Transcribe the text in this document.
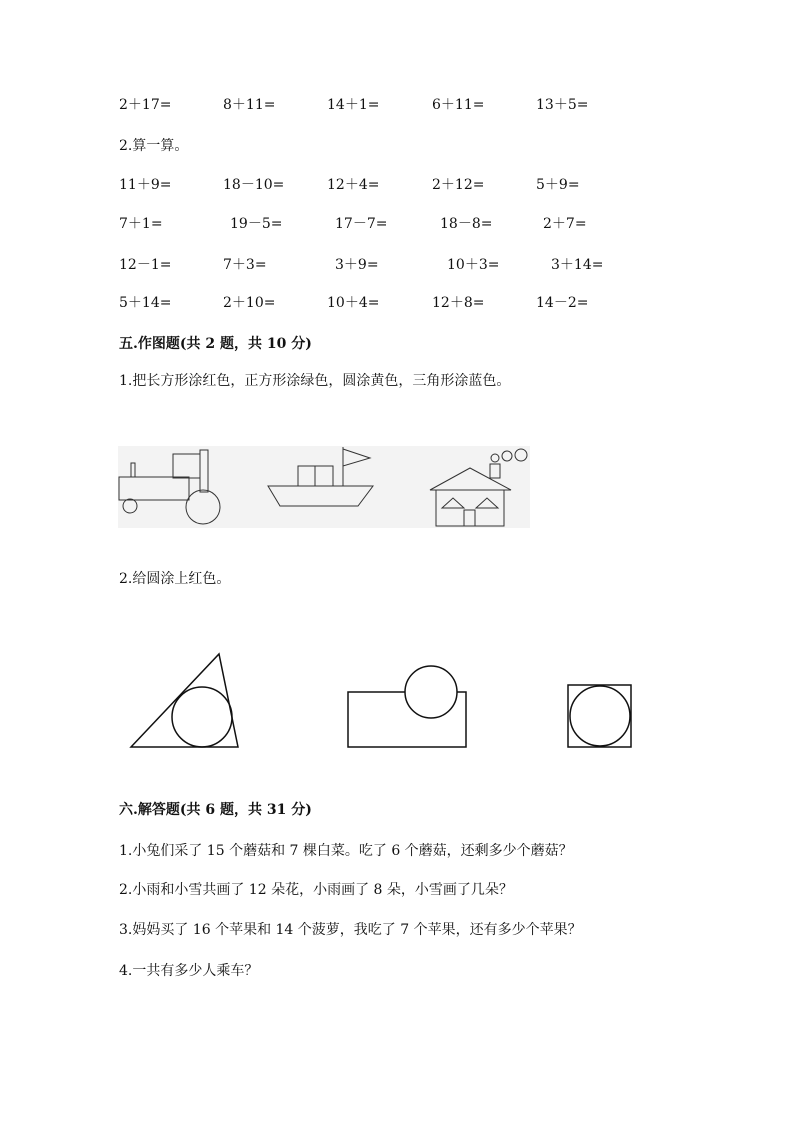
2＋17=	8＋11=	14＋1=	6＋11=	13＋5=
2.算一算。
11＋9=	18－10=	12＋4=	2＋12=	5＋9=
7＋1=	19－5=	17－7=	18－8=	2＋7=
12－1=	7＋3=	3＋9=	10＋3=	3＋14=
5＋14=	2＋10=	10＋4=	12＋8=	14－2=
五.作图题(共 2 题，共 10 分)
1.把长方形涂红色，正方形涂绿色，圆涂黄色，三角形涂蓝色。
2.给圆涂上红色。
六.解答题(共 6 题，共 31 分)
1.小兔们采了 15 个蘑菇和 7 棵白菜。吃了 6 个蘑菇，还剩多少个蘑菇？
2.小雨和小雪共画了 12 朵花，小雨画了 8 朵，小雪画了几朵？
3.妈妈买了 16 个苹果和 14 个菠萝，我吃了 7 个苹果，还有多少个苹果？
4.一共有多少人乘车？
